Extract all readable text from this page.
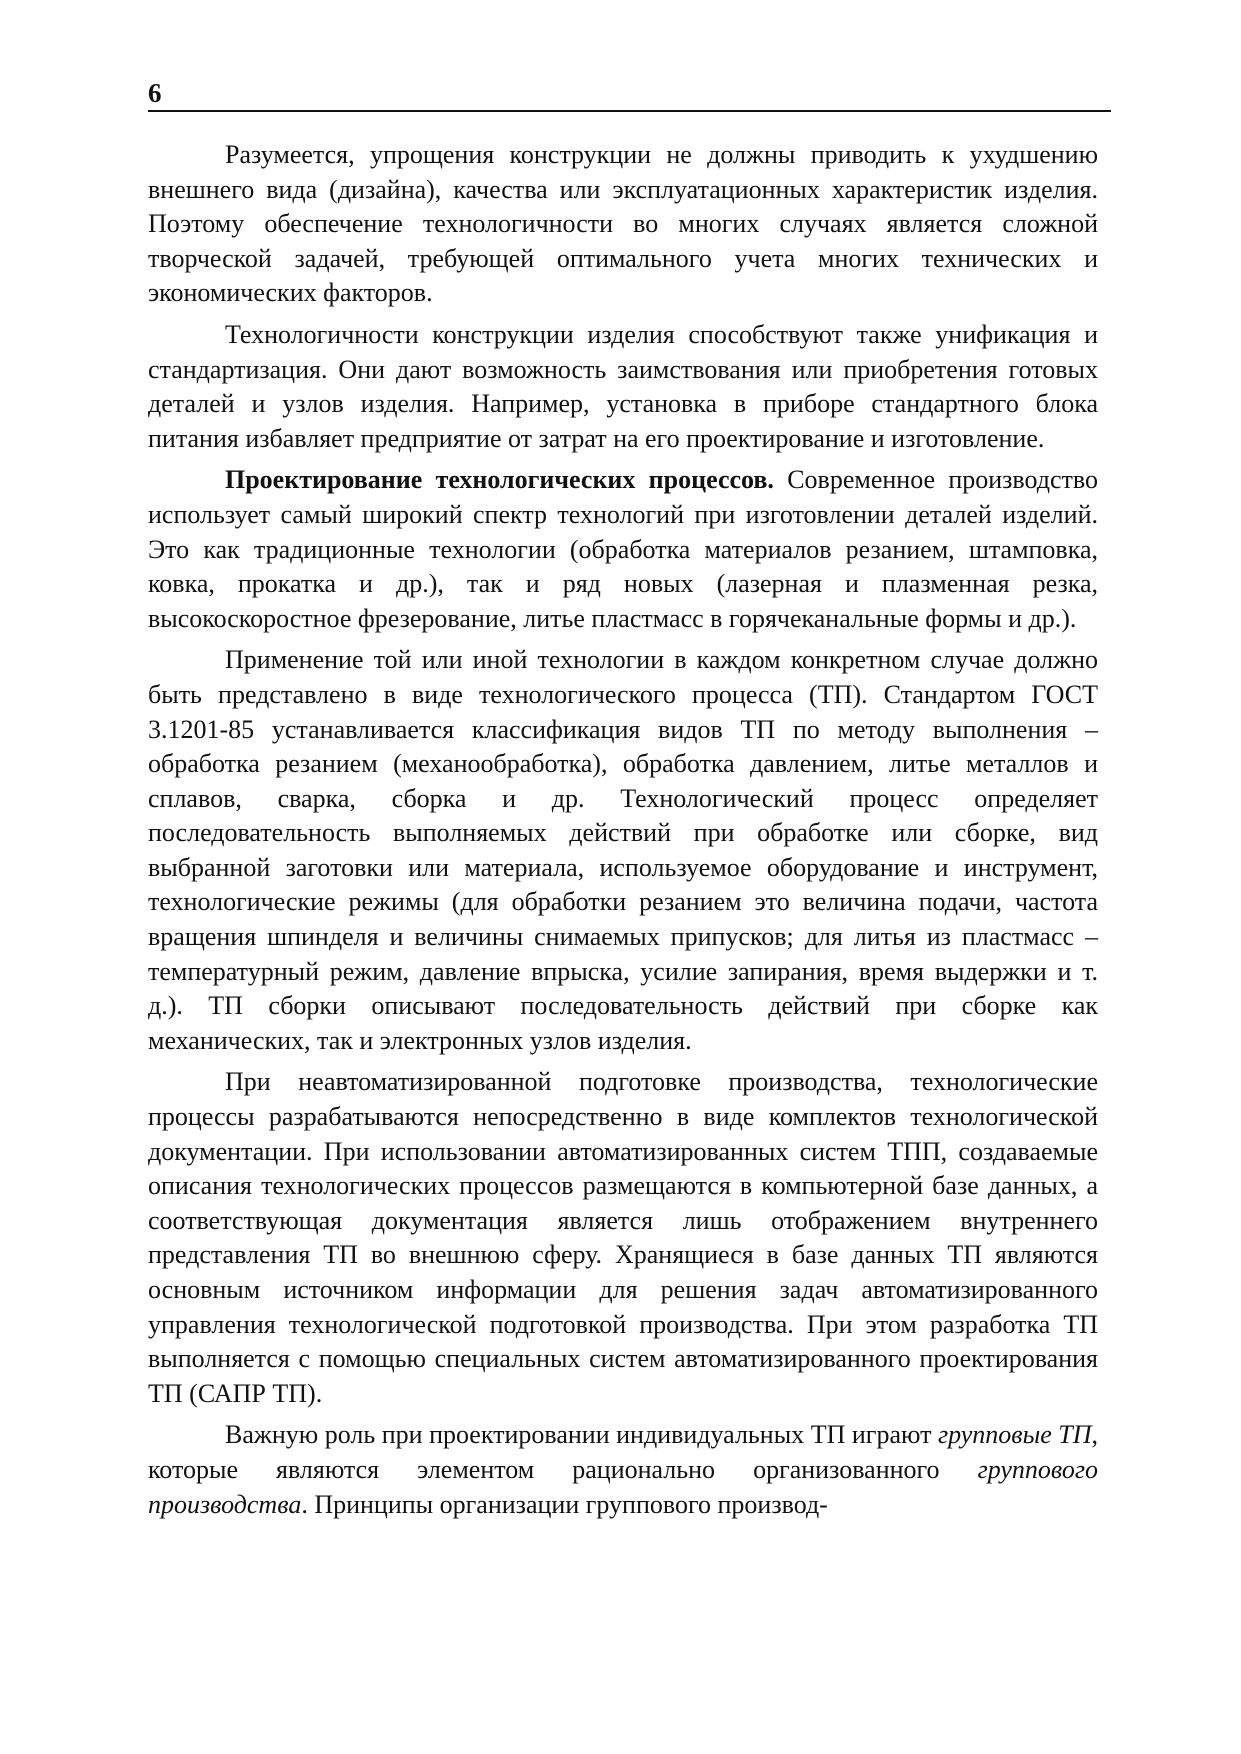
6

Разумеется, упрощения конструкции не должны приводить к ухудшению внешнего вида (дизайна), качества или эксплуатационных характеристик изделия. Поэтому обеспечение технологичности во многих случаях является сложной творческой задачей, требующей оптимального учета многих технических и экономических факторов.

Технологичности конструкции изделия способствуют также унификация и стандартизация. Они дают возможность заимствования или приобретения готовых деталей и узлов изделия. Например, установка в приборе стандартного блока питания избавляет предприятие от затрат на его проектирование и изготовление.

Проектирование технологических процессов. Современное производство использует самый широкий спектр технологий при изготовлении деталей изделий. Это как традиционные технологии (обработка материалов резанием, штамповка, ковка, прокатка и др.), так и ряд новых (лазерная и плазменная резка, высокоскоростное фрезерование, литье пластмасс в горячеканальные формы и др.).

Применение той или иной технологии в каждом конкретном случае должно быть представлено в виде технологического процесса (ТП). Стандартом ГОСТ 3.1201-85 устанавливается классификация видов ТП по методу выполнения – обработка резанием (механообработка), обработка давлением, литье металлов и сплавов, сварка, сборка и др. Технологический процесс определяет последовательность выполняемых действий при обработке или сборке, вид выбранной заготовки или материала, используемое оборудование и инструмент, технологические режимы (для обработки резанием это величина подачи, частота вращения шпинделя и величины снимаемых припусков; для литья из пластмасс – температурный режим, давление впрыска, усилие запирания, время выдержки и т. д.). ТП сборки описывают последовательность действий при сборке как механических, так и электронных узлов изделия.

При неавтоматизированной подготовке производства, технологические процессы разрабатываются непосредственно в виде комплектов технологической документации. При использовании автоматизированных систем ТПП, создаваемые описания технологических процессов размещаются в компьютерной базе данных, а соответствующая документация является лишь отображением внутреннего представления ТП во внешнюю сферу. Хранящиеся в базе данных ТП являются основным источником информации для решения задач автоматизированного управления технологической подготовкой производства. При этом разработка ТП выполняется с помощью специальных систем автоматизированного проектирования ТП (САПР ТП).

Важную роль при проектировании индивидуальных ТП играют групповые ТП, которые являются элементом рационально организованного группового производства. Принципы организации группового производ-
